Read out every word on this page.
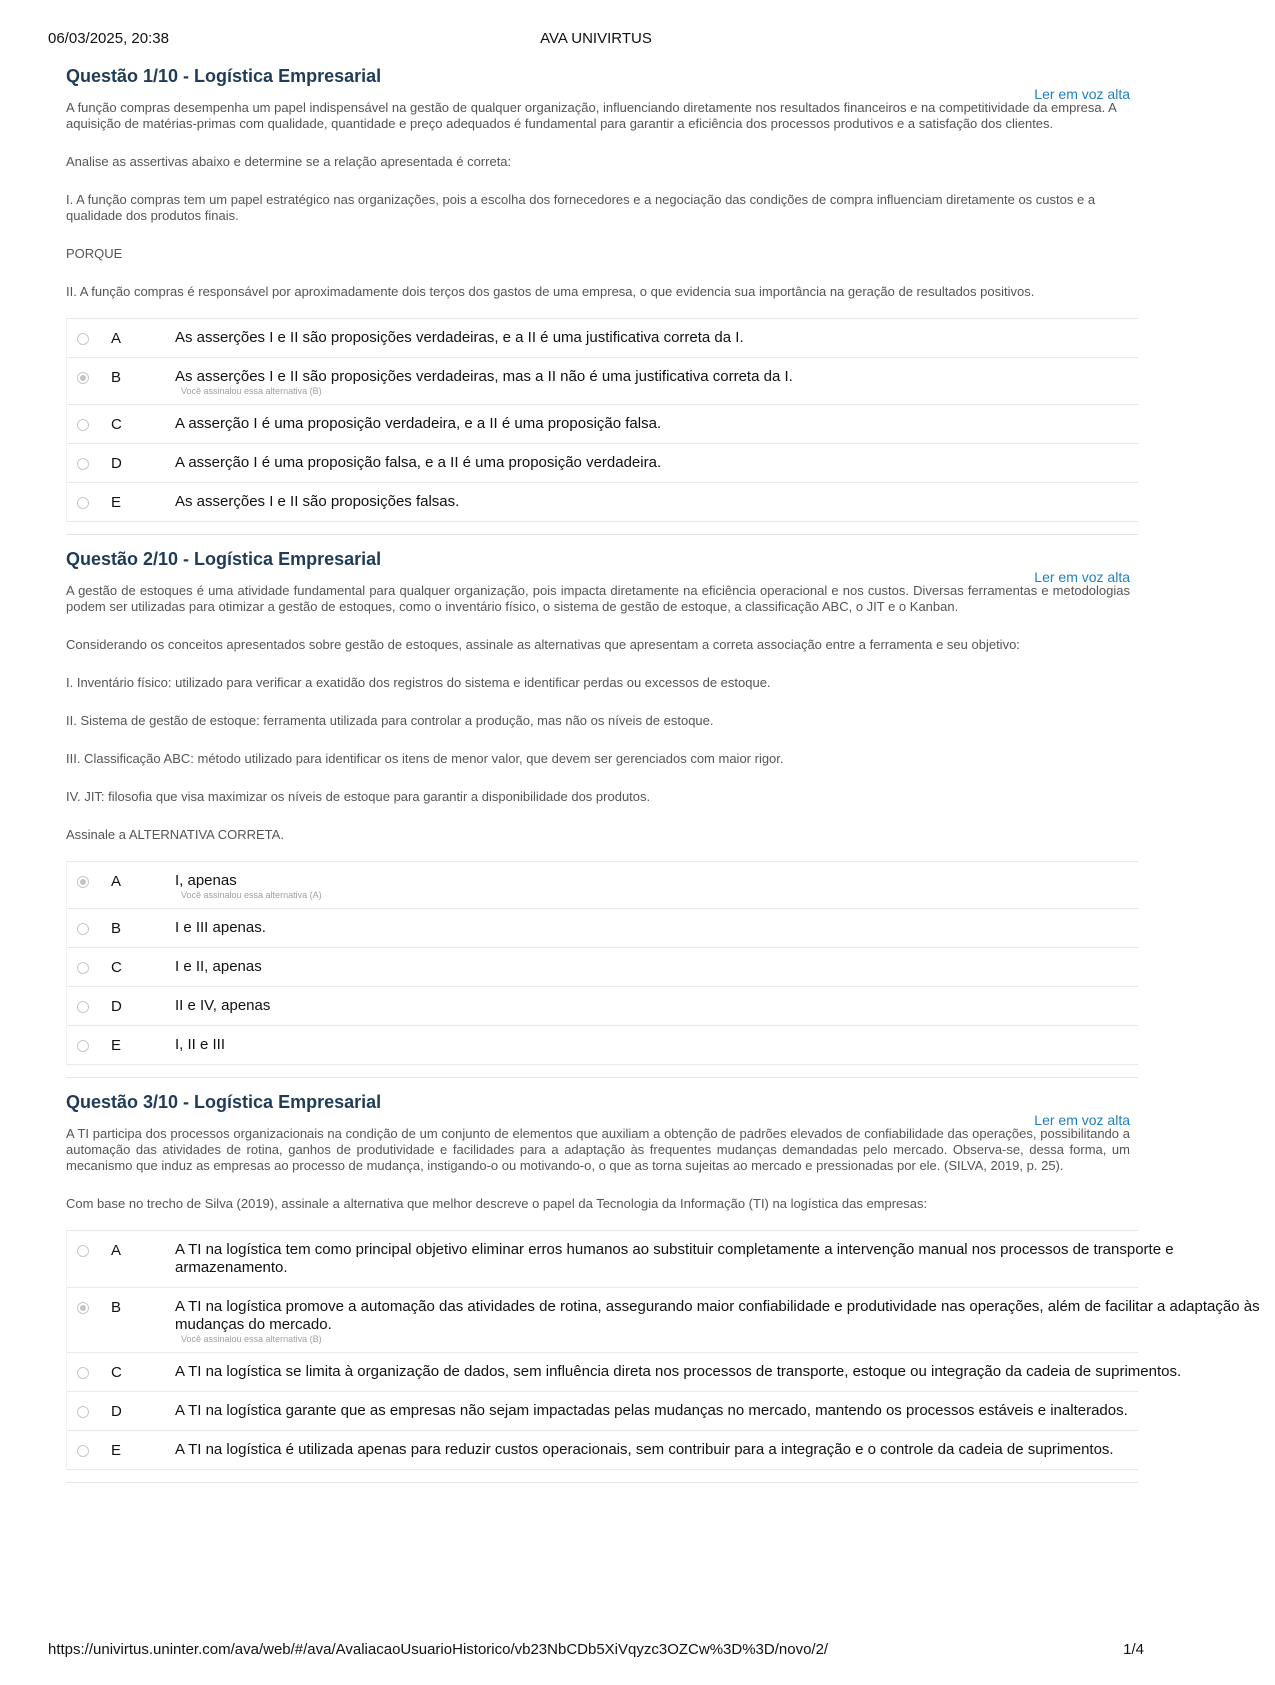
06/03/2025, 20:38	AVA UNIVIRTUS
Questão 1/10 - Logística Empresarial
Ler em voz alta

A função compras desempenha um papel indispensável na gestão de qualquer organização, influenciando diretamente nos resultados financeiros e na competitividade da empresa. A aquisição de matérias-primas com qualidade, quantidade e preço adequados é fundamental para garantir a eficiência dos processos produtivos e a satisfação dos clientes.

Analise as assertivas abaixo e determine se a relação apresentada é correta:

I. A função compras tem um papel estratégico nas organizações, pois a escolha dos fornecedores e a negociação das condições de compra influenciam diretamente os custos e a qualidade dos produtos finais.

PORQUE

II. A função compras é responsável por aproximadamente dois terços dos gastos de uma empresa, o que evidencia sua importância na geração de resultados positivos.

A	As asserções I e II são proposições verdadeiras, e a II é uma justificativa correta da I.
B	As asserções I e II são proposições verdadeiras, mas a II não é uma justificativa correta da I.
Você assinalou essa alternativa (B)
C	A asserção I é uma proposição verdadeira, e a II é uma proposição falsa.
D	A asserção I é uma proposição falsa, e a II é uma proposição verdadeira.
E	As asserções I e II são proposições falsas.
Questão 2/10 - Logística Empresarial
Ler em voz alta

A gestão de estoques é uma atividade fundamental para qualquer organização, pois impacta diretamente na eficiência operacional e nos custos. Diversas ferramentas e metodologias podem ser utilizadas para otimizar a gestão de estoques, como o inventário físico, o sistema de gestão de estoque, a classificação ABC, o JIT e o Kanban.

Considerando os conceitos apresentados sobre gestão de estoques, assinale as alternativas que apresentam a correta associação entre a ferramenta e seu objetivo:

I. Inventário físico: utilizado para verificar a exatidão dos registros do sistema e identificar perdas ou excessos de estoque.

II. Sistema de gestão de estoque: ferramenta utilizada para controlar a produção, mas não os níveis de estoque.

III. Classificação ABC: método utilizado para identificar os itens de menor valor, que devem ser gerenciados com maior rigor.

IV. JIT: filosofia que visa maximizar os níveis de estoque para garantir a disponibilidade dos produtos.

Assinale a ALTERNATIVA CORRETA.

A	I, apenas
Você assinalou essa alternativa (A)
B	I e III apenas.
C	I e II, apenas
D	II e IV, apenas
E	I, II e III
Questão 3/10 - Logística Empresarial
Ler em voz alta

A TI participa dos processos organizacionais na condição de um conjunto de elementos que auxiliam a obtenção de padrões elevados de confiabilidade das operações, possibilitando a automação das atividades de rotina, ganhos de produtividade e facilidades para a adaptação às frequentes mudanças demandadas pelo mercado. Observa-se, dessa forma, um mecanismo que induz as empresas ao processo de mudança, instigando-o ou motivando-o, o que as torna sujeitas ao mercado e pressionadas por ele. (SILVA, 2019, p. 25).

Com base no trecho de Silva (2019), assinale a alternativa que melhor descreve o papel da Tecnologia da Informação (TI) na logística das empresas:

A	A TI na logística tem como principal objetivo eliminar erros humanos ao substituir completamente a intervenção manual nos processos de transporte e armazenamento.
B	A TI na logística promove a automação das atividades de rotina, assegurando maior confiabilidade e produtividade nas operações, além de facilitar a adaptação às mudanças do mercado.
Você assinalou essa alternativa (B)
C	A TI na logística se limita à organização de dados, sem influência direta nos processos de transporte, estoque ou integração da cadeia de suprimentos.
D	A TI na logística garante que as empresas não sejam impactadas pelas mudanças no mercado, mantendo os processos estáveis e inalterados.
E	A TI na logística é utilizada apenas para reduzir custos operacionais, sem contribuir para a integração e o controle da cadeia de suprimentos.
https://univirtus.uninter.com/ava/web/#/ava/AvaliacaoUsuarioHistorico/vb23NbCDb5XiVqyzc3OZCw%3D%3D/novo/2/	1/4
